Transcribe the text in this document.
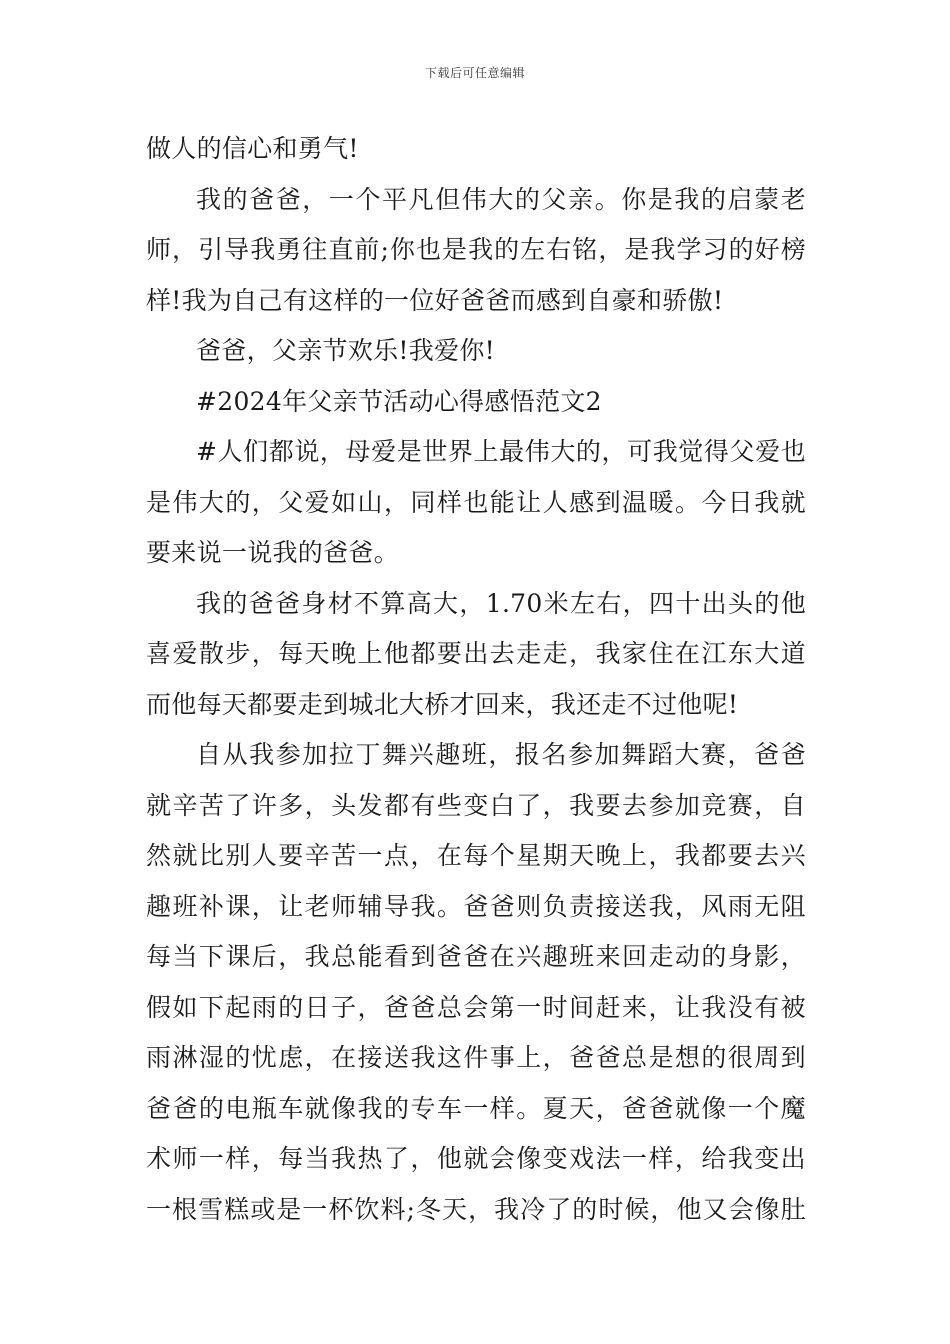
下载后可任意编辑
做人的信心和勇气!
我的爸爸，一个平凡但伟大的父亲。你是我的启蒙老
师，引导我勇往直前;你也是我的左右铭，是我学习的好榜
样!我为自己有这样的一位好爸爸而感到自豪和骄傲!
爸爸，父亲节欢乐!我爱你!
#2024年父亲节活动心得感悟范文2
#人们都说，母爱是世界上最伟大的，可我觉得父爱也
是伟大的，父爱如山，同样也能让人感到温暖。今日我就
要来说一说我的爸爸。
我的爸爸身材不算高大，1.70米左右，四十出头的他
喜爱散步，每天晚上他都要出去走走，我家住在江东大道
而他每天都要走到城北大桥才回来，我还走不过他呢!
自从我参加拉丁舞兴趣班，报名参加舞蹈大赛，爸爸
就辛苦了许多，头发都有些变白了，我要去参加竞赛，自
然就比别人要辛苦一点，在每个星期天晚上，我都要去兴
趣班补课，让老师辅导我。爸爸则负责接送我，风雨无阻
每当下课后，我总能看到爸爸在兴趣班来回走动的身影，
假如下起雨的日子，爸爸总会第一时间赶来，让我没有被
雨淋湿的忧虑，在接送我这件事上，爸爸总是想的很周到
爸爸的电瓶车就像我的专车一样。夏天，爸爸就像一个魔
术师一样，每当我热了，他就会像变戏法一样，给我变出
一根雪糕或是一杯饮料;冬天，我冷了的时候，他又会像肚
